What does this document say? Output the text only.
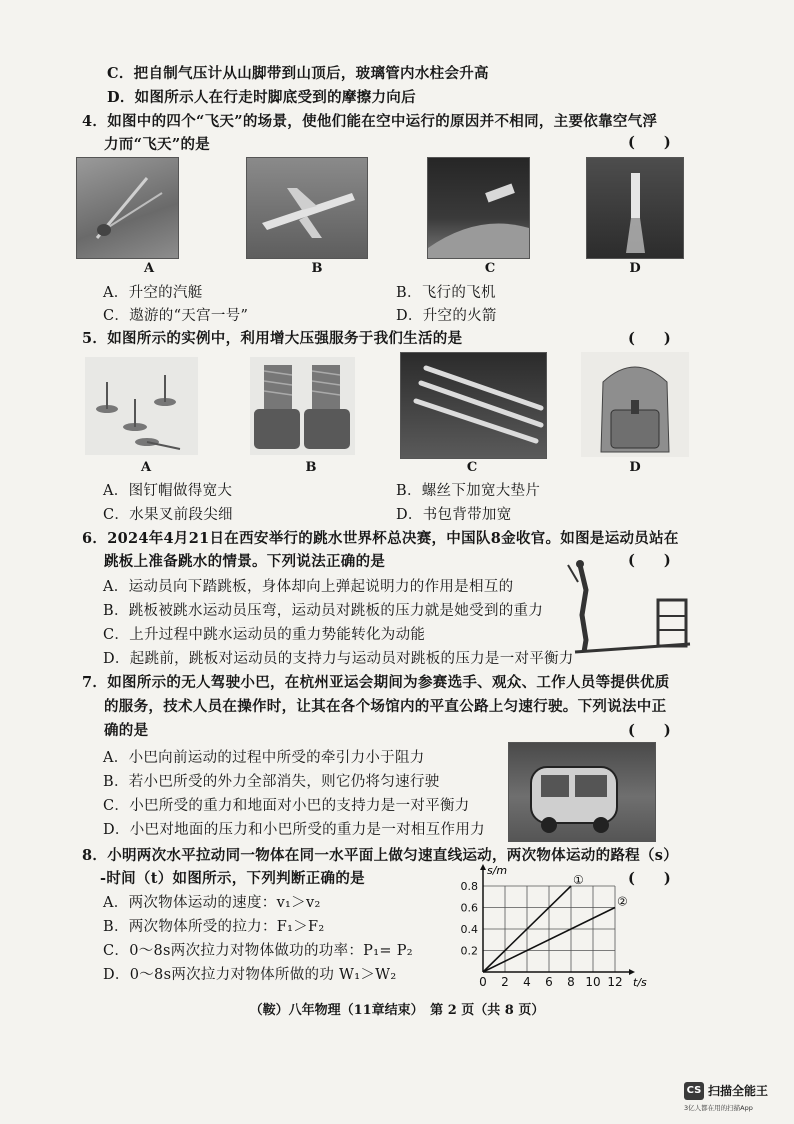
C．把自制气压计从山脚带到山顶后，玻璃管内水柱会升高
D．如图所示人在行走时脚底受到的摩擦力向后
4．如图中的四个“飞天”的场景，使他们能在空中运行的原因并不相同，主要依靠空气浮
力而“飞天”的是	(　　)
A	B	C	D
A．升空的汽艇	B．飞行的飞机
C．遨游的“天宫一号”	D．升空的火箭
5．如图所示的实例中，利用增大压强服务于我们生活的是	(　　)
A	B	C	D
A．图钉帽做得宽大	B．螺丝下加宽大垫片
C．水果叉前段尖细	D．书包背带加宽
6．2024年4月21日在西安举行的跳水世界杯总决赛，中国队8金收官。如图是运动员站在
跳板上准备跳水的情景。下列说法正确的是	(　　)
A．运动员向下踏跳板，身体却向上弹起说明力的作用是相互的
B．跳板被跳水运动员压弯，运动员对跳板的压力就是她受到的重力
C．上升过程中跳水运动员的重力势能转化为动能
D．起跳前，跳板对运动员的支持力与运动员对跳板的压力是一对平衡力
7．如图所示的无人驾驶小巴，在杭州亚运会期间为参赛选手、观众、工作人员等提供优质
的服务，技术人员在操作时，让其在各个场馆内的平直公路上匀速行驶。下列说法中正
确的是	(　　)
A．小巴向前运动的过程中所受的牵引力小于阻力
B．若小巴所受的外力全部消失，则它仍将匀速行驶
C．小巴所受的重力和地面对小巴的支持力是一对平衡力
D．小巴对地面的压力和小巴所受的重力是一对相互作用力
8．小明两次水平拉动同一物体在同一水平面上做匀速直线运动，两次物体运动的路程（s）
-时间（t）如图所示，下列判断正确的是	(　　)
A．两次物体运动的速度：v₁＞v₂
B．两次物体所受的拉力：F₁＞F₂
C．0～8s两次拉力对物体做功的功率：P₁= P₂
D．0～8s两次拉力对物体所做的功 W₁＞W₂
s/m
t/s
0 2 4 6 8 10 12
0.2
0.4
0.6
0.8	①
②
（鞍）八年物理（11章结束）　第 2 页（共 8 页）
CS 扫描全能王
3亿人都在用的扫描App
